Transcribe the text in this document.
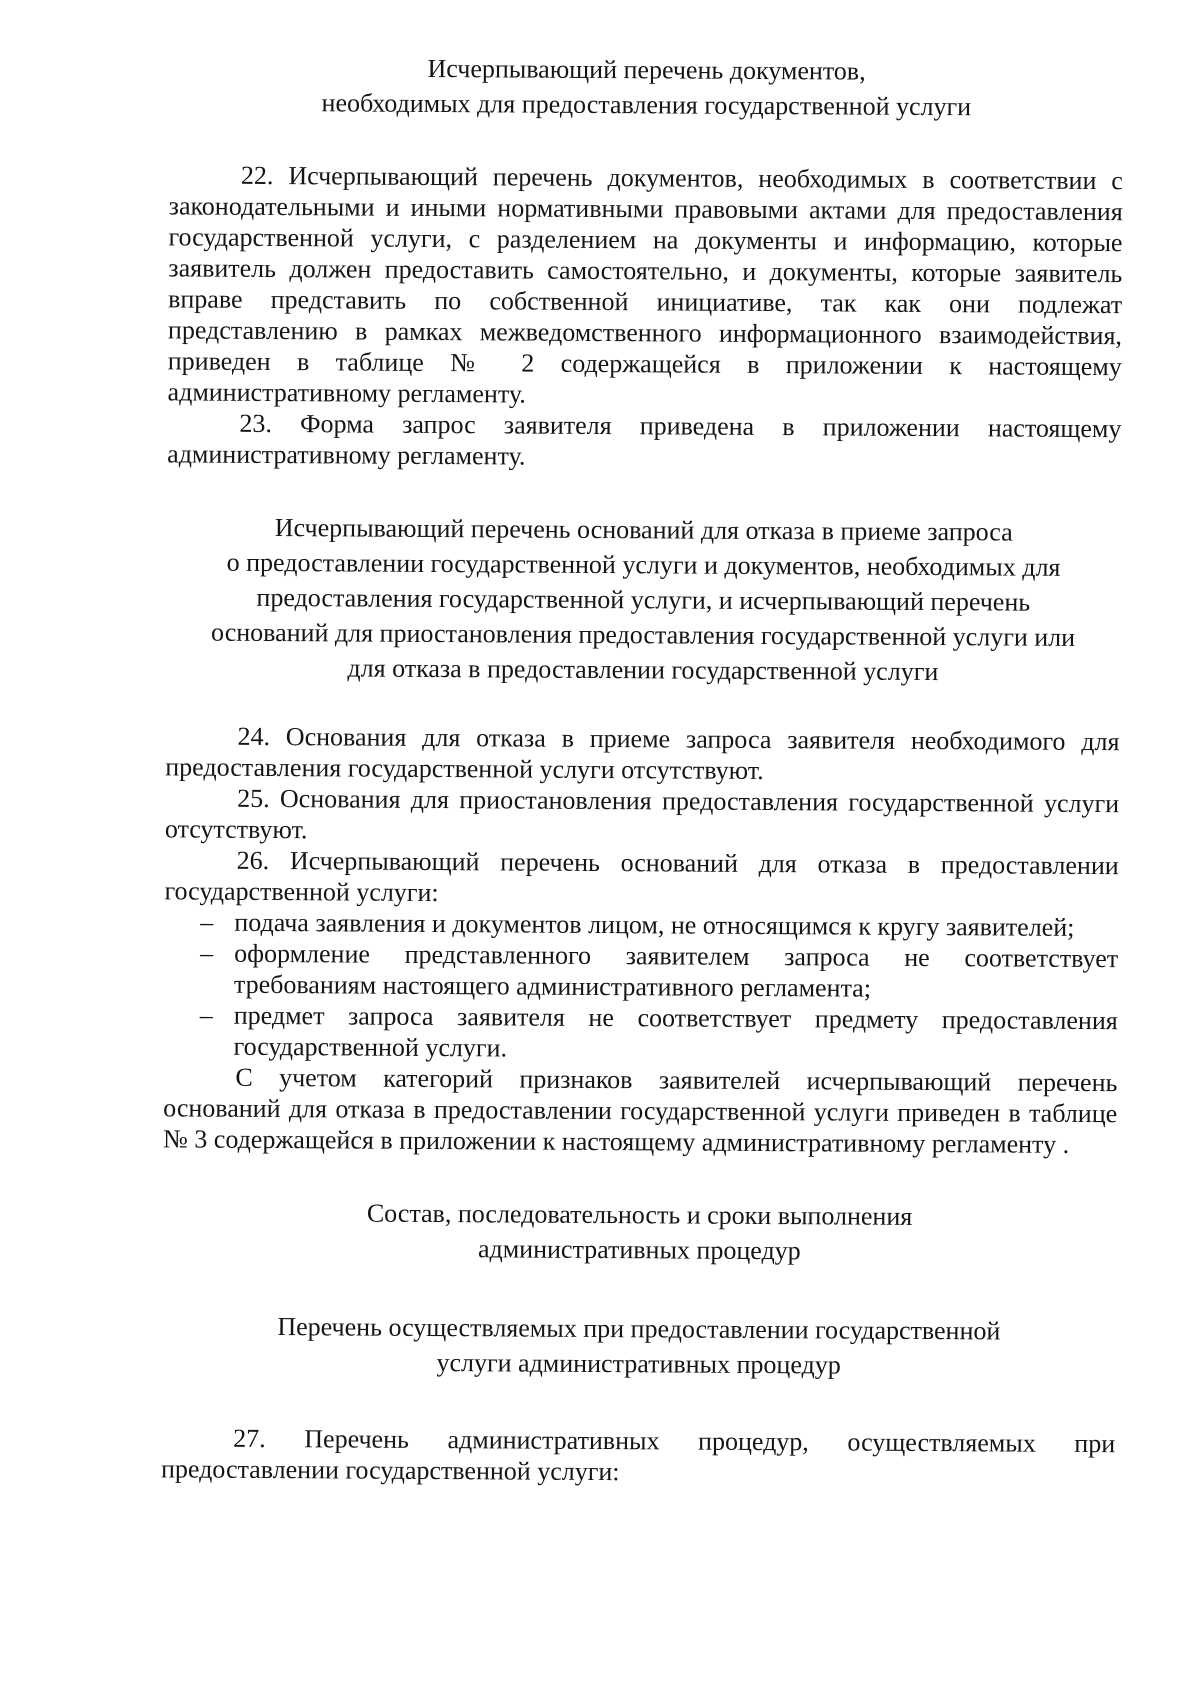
Исчерпывающий перечень документов,
необходимых для предоставления государственной услуги

22. Исчерпывающий перечень документов, необходимых в соответствии с законодательными и иными нормативными правовыми актами для предоставления государственной услуги, с разделением на документы и информацию, которые заявитель должен предоставить самостоятельно, и документы, которые заявитель вправе представить по собственной инициативе, так как они подлежат представлению в рамках межведомственного информационного взаимодействия, приведен в таблице № 2 содержащейся в приложении к настоящему административному регламенту.

23. Форма запрос заявителя приведена в приложении настоящему административному регламенту.

Исчерпывающий перечень оснований для отказа в приеме запроса
о предоставлении государственной услуги и документов, необходимых для
предоставления государственной услуги, и исчерпывающий перечень
оснований для приостановления предоставления государственной услуги или
для отказа в предоставлении государственной услуги

24. Основания для отказа в приеме запроса заявителя необходимого для предоставления государственной услуги отсутствуют.

25. Основания для приостановления предоставления государственной услуги отсутствуют.

26. Исчерпывающий перечень оснований для отказа в предоставлении государственной услуги:

– подача заявления и документов лицом, не относящимся к кругу заявителей;
– оформление представленного заявителем запроса не соответствует требованиям настоящего административного регламента;
– предмет запроса заявителя не соответствует предмету предоставления государственной услуги.

С учетом категорий признаков заявителей исчерпывающий перечень оснований для отказа в предоставлении государственной услуги приведен в таблице № 3 содержащейся в приложении к настоящему административному регламенту .

Состав, последовательность и сроки выполнения
административных процедур
Перечень осуществляемых при предоставлении государственной
услуги административных процедур

27. Перечень административных процедур, осуществляемых при предоставлении государственной услуги:
